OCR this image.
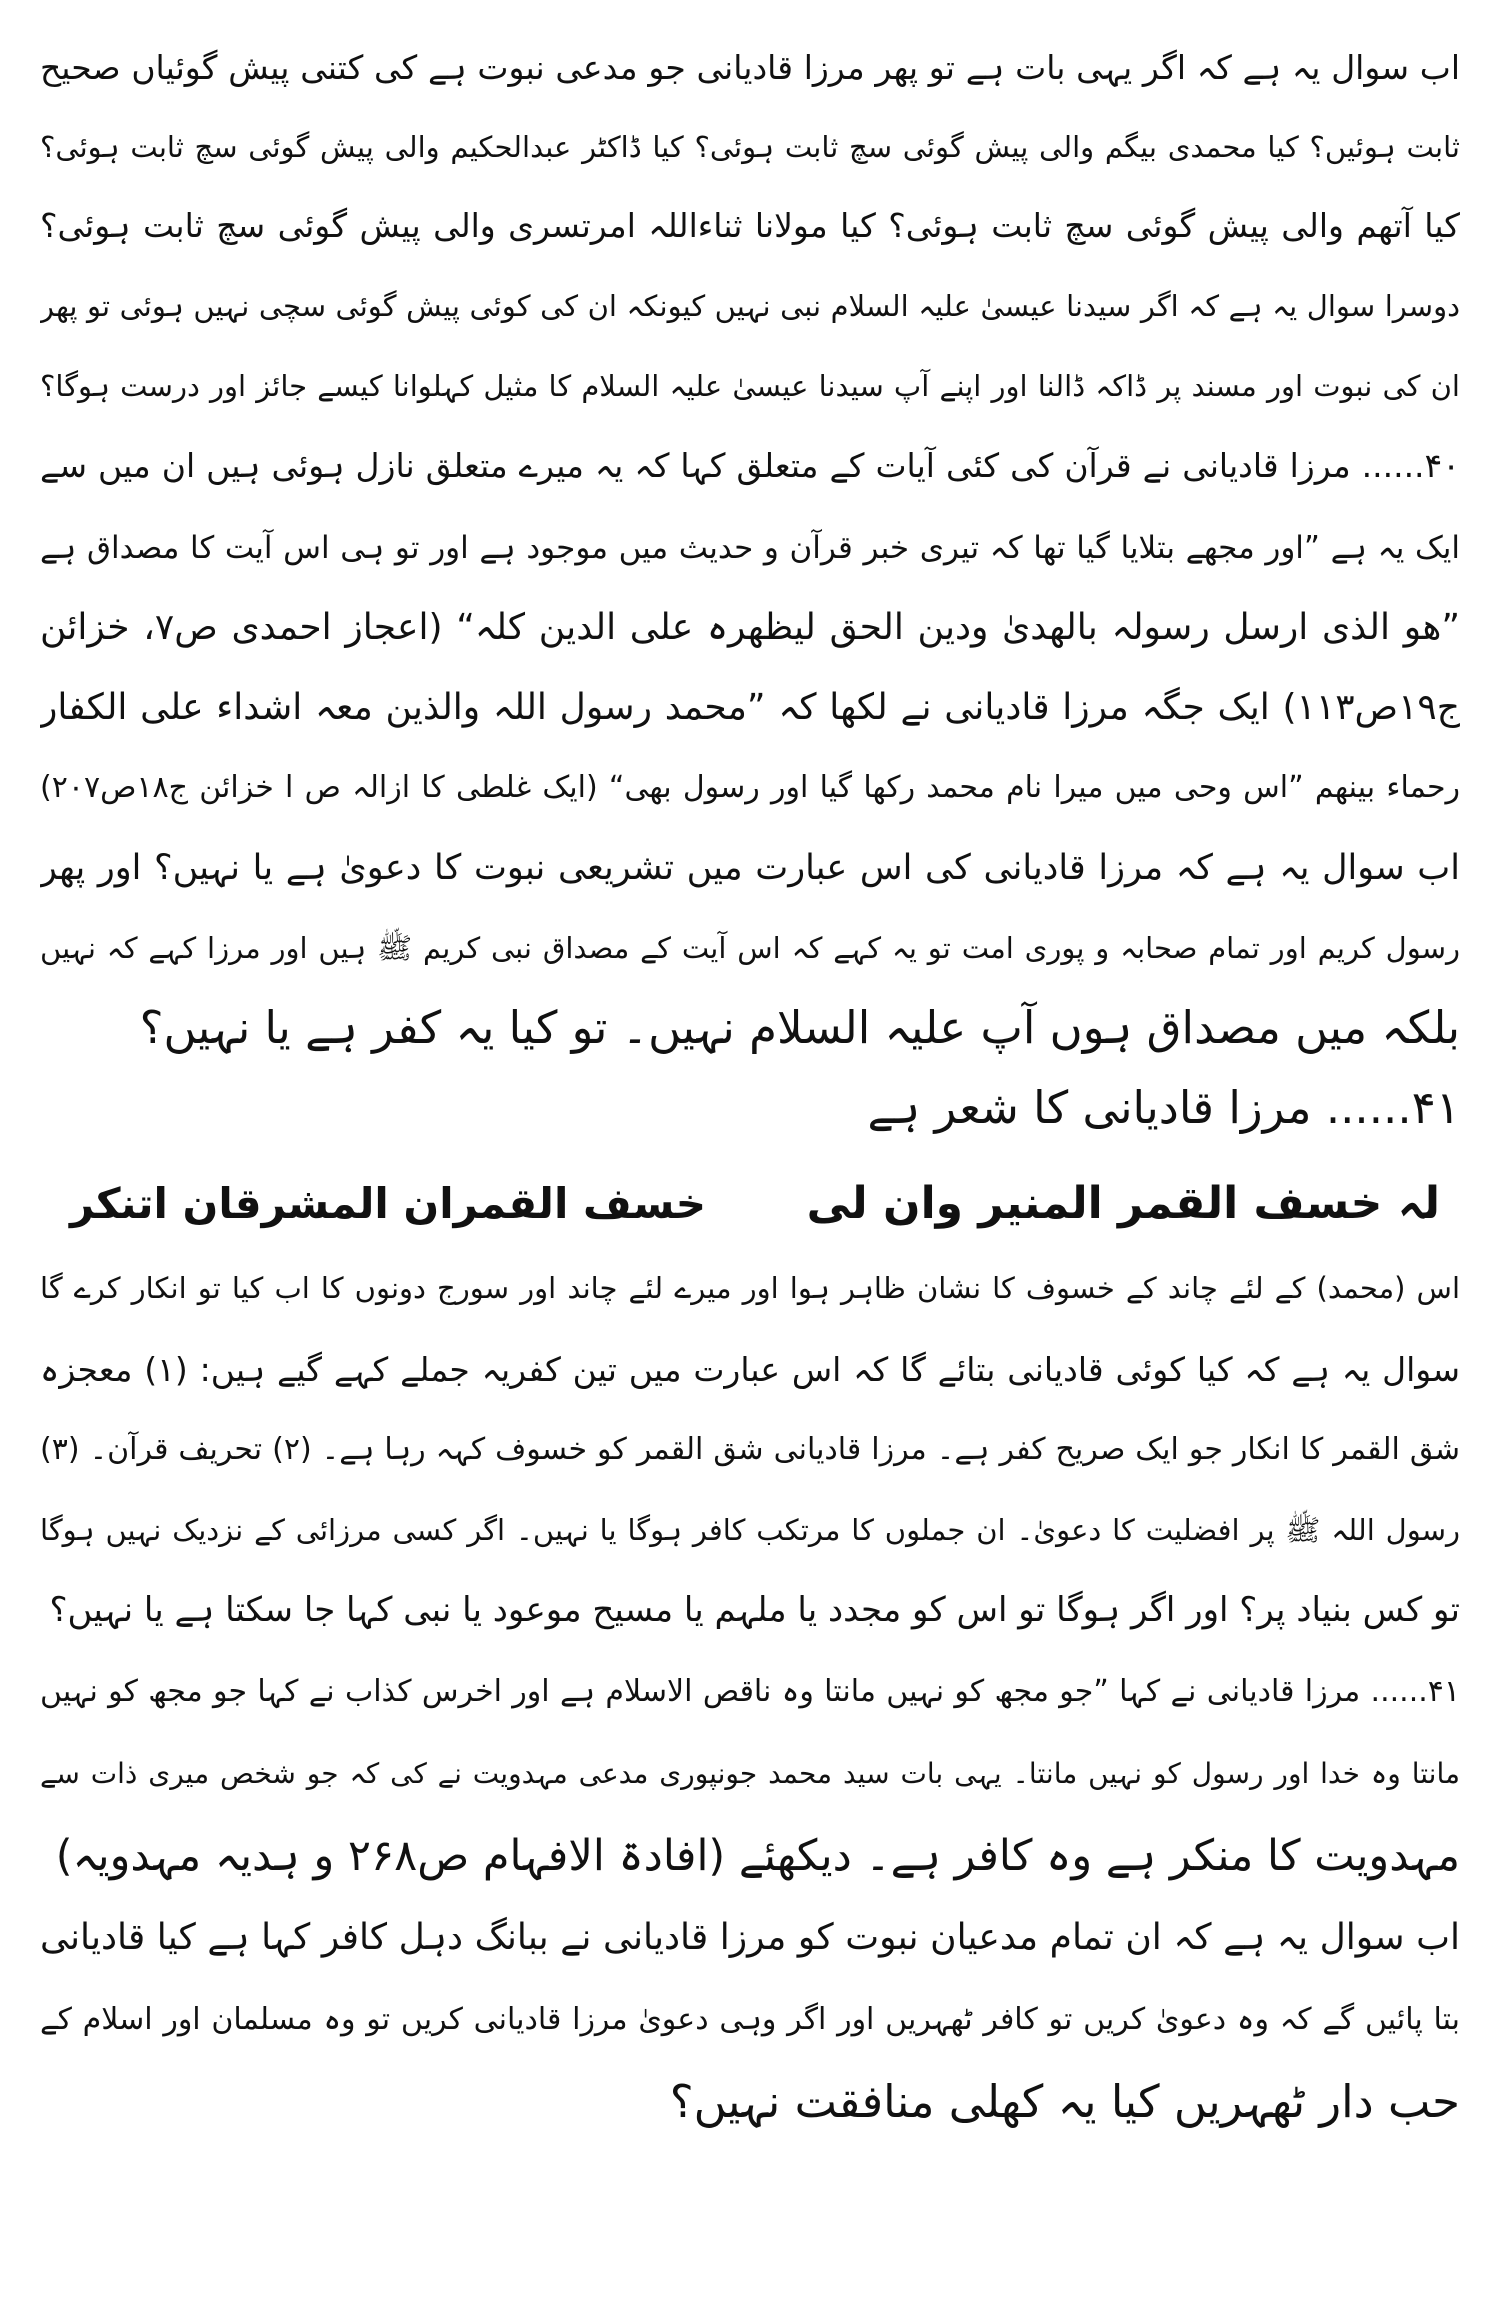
اب سوال یہ ہے کہ اگر یہی بات ہے تو پھر مرزا قادیانی جو مدعی نبوت ہے کی کتنی پیش گوئیاں صحیح
ثابت ہوئیں؟ کیا محمدی بیگم والی پیش گوئی سچ ثابت ہوئی؟ کیا ڈاکٹر عبدالحکیم والی پیش گوئی سچ ثابت ہوئی؟
کیا آتھم والی پیش گوئی سچ ثابت ہوئی؟ کیا مولانا ثناءاللہ امرتسری والی پیش گوئی سچ ثابت ہوئی؟
دوسرا سوال یہ ہے کہ اگر سیدنا عیسیٰ علیہ السلام نبی نہیں کیونکہ ان کی کوئی پیش گوئی سچی نہیں ہوئی تو پھر
ان کی نبوت اور مسند پر ڈاکہ ڈالنا اور اپنے آپ سیدنا عیسیٰ علیہ السلام کا مثیل کہلوانا کیسے جائز اور درست ہوگا؟
۴۰...... مرزا قادیانی نے قرآن کی کئی آیات کے متعلق کہا کہ یہ میرے متعلق نازل ہوئی ہیں ان میں سے
ایک یہ ہے ”اور مجھے بتلایا گیا تھا کہ تیری خبر قرآن و حدیث میں موجود ہے اور تو ہی اس آیت کا مصداق ہے
”ھو الذی ارسل رسولہ بالھدیٰ ودین الحق لیظھرہ علی الدین کلہ“ (اعجاز احمدی ص۷، خزائن
ج۱۹ص۱۱۳) ایک جگہ مرزا قادیانی نے لکھا کہ ”محمد رسول اللہ والذین معہ اشداء علی الکفار
رحماء بینھم ”اس وحی میں میرا نام محمد رکھا گیا اور رسول بھی“ (ایک غلطی کا ازالہ ص ا خزائن ج۱۸ص۲۰۷)
اب سوال یہ ہے کہ مرزا قادیانی کی اس عبارت میں تشریعی نبوت کا دعویٰ ہے یا نہیں؟ اور پھر
رسول کریم اور تمام صحابہ و پوری امت تو یہ کہے کہ اس آیت کے مصداق نبی کریم ﷺ ہیں اور مرزا کہے کہ نہیں
بلکہ میں مصداق ہوں آپ علیہ السلام نہیں۔ تو کیا یہ کفر ہے یا نہیں؟
۴۱...... مرزا قادیانی کا شعر ہے
لہ خسف القمر المنیر وان لی
خسف القمران المشرقان اتنکر
اس (محمد) کے لئے چاند کے خسوف کا نشان ظاہر ہوا اور میرے لئے چاند اور سورج دونوں کا اب کیا تو انکار کرے گا
سوال یہ ہے کہ کیا کوئی قادیانی بتائے گا کہ اس عبارت میں تین کفریہ جملے کہے گیے ہیں: (۱) معجزہ
شق القمر کا انکار جو ایک صریح کفر ہے۔ مرزا قادیانی شق القمر کو خسوف کہہ رہا ہے۔ (۲) تحریف قرآن۔ (۳)
رسول اللہ ﷺ پر افضلیت کا دعویٰ۔ ان جملوں کا مرتکب کافر ہوگا یا نہیں۔ اگر کسی مرزائی کے نزدیک نہیں ہوگا
تو کس بنیاد پر؟ اور اگر ہوگا تو اس کو مجدد یا ملہم یا مسیح موعود یا نبی کہا جا سکتا ہے یا نہیں؟
۴۱...... مرزا قادیانی نے کہا ”جو مجھ کو نہیں مانتا وہ ناقص الاسلام ہے اور اخرس کذاب نے کہا جو مجھ کو نہیں
مانتا وہ خدا اور رسول کو نہیں مانتا۔ یہی بات سید محمد جونپوری مدعی مہدویت نے کی کہ جو شخص میری ذات سے
مہدویت کا منکر ہے وہ کافر ہے۔ دیکھئے (افادۃ الافہام ص۲۶۸ و ہدیہ مہدویہ)
اب سوال یہ ہے کہ ان تمام مدعیان نبوت کو مرزا قادیانی نے ببانگ دہل کافر کہا ہے کیا قادیانی
بتا پائیں گے کہ وہ دعویٰ کریں تو کافر ٹھہریں اور اگر وہی دعویٰ مرزا قادیانی کریں تو وہ مسلمان اور اسلام کے
حب دار ٹھہریں کیا یہ کھلی منافقت نہیں؟
